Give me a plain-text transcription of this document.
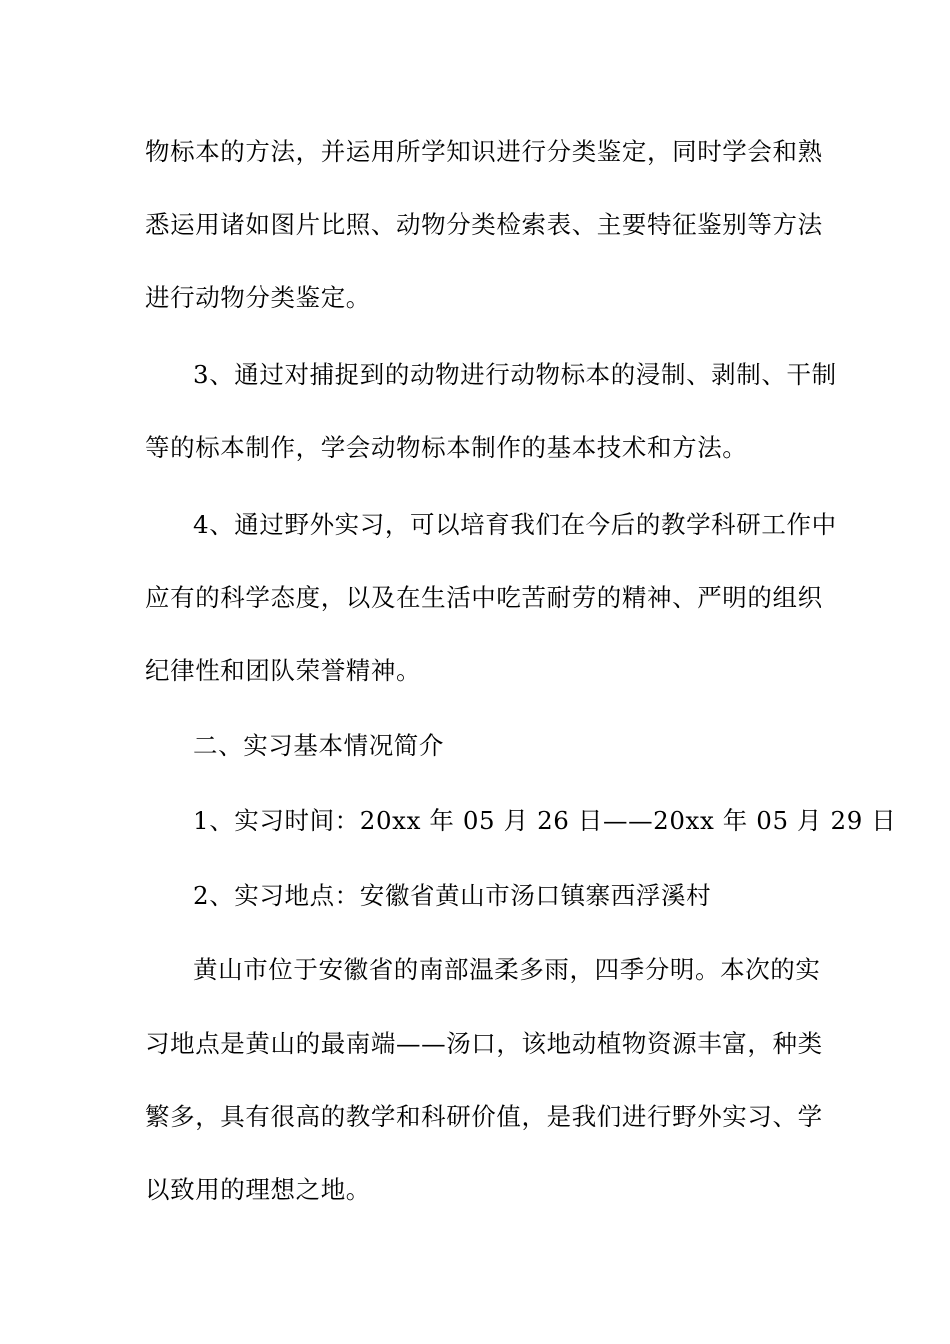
物标本的方法，并运用所学知识进行分类鉴定，同时学会和熟
悉运用诸如图片比照、动物分类检索表、主要特征鉴别等方法
进行动物分类鉴定。
3、通过对捕捉到的动物进行动物标本的浸制、剥制、干制
等的标本制作，学会动物标本制作的基本技术和方法。
4、通过野外实习，可以培育我们在今后的教学科研工作中
应有的科学态度，以及在生活中吃苦耐劳的精神、严明的组织
纪律性和团队荣誉精神。
二、实习基本情况简介
1、实习时间：20xx 年 05 月 26 日——20xx 年 05 月 29 日
2、实习地点：安徽省黄山市汤口镇寨西浮溪村
黄山市位于安徽省的南部温柔多雨，四季分明。本次的实
习地点是黄山的最南端——汤口，该地动植物资源丰富，种类
繁多，具有很高的教学和科研价值，是我们进行野外实习、学
以致用的理想之地。
